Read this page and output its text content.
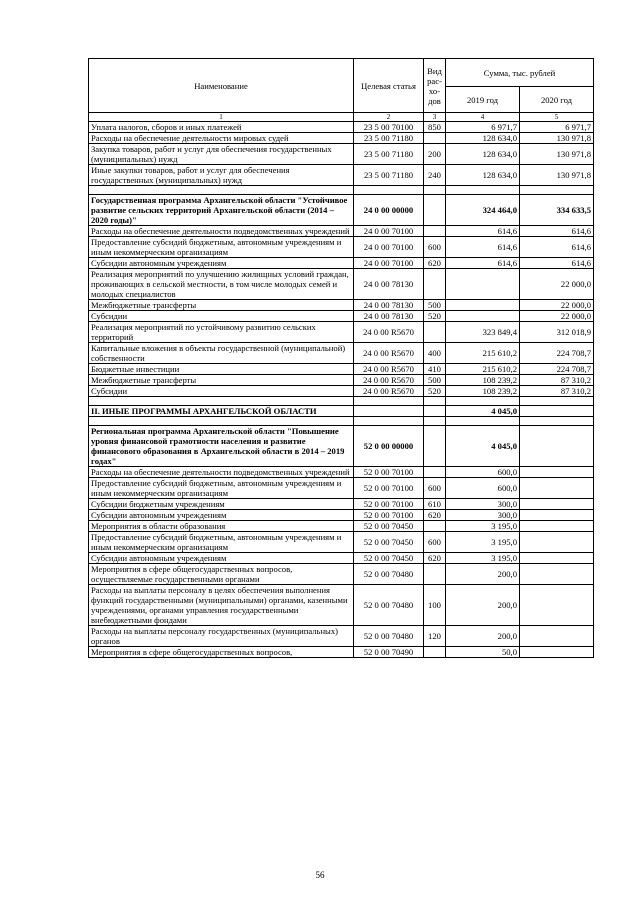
Наименование	Целевая статья	Вид
рас-
хо-
дов	Сумма, тыс. рублей	
			2019 год	2020 год
1	2	3	4	5
Уплата налогов, сборов и иных платежей	23 5 00 70100	850	6 971,7	6 971,7
Расходы на обеспечение деятельности мировых судей	23 5 00 71180		128 634,0	130 971,8
Закупка товаров, работ и услуг для обеспечения государственных (муниципальных) нужд	23 5 00 71180	200	128 634,0	130 971,8
Иные закупки товаров, работ и услуг для обеспечения государственных (муниципальных) нужд	23 5 00 71180	240	128 634,0	130 971,8

Государственная программа Архангельской области "Устойчивое развитие сельских территорий Архангельской области (2014 – 2020 годы)"	24 0 00 00000		324 464,0	334 633,5
Расходы на обеспечение деятельности подведомственных учреждений	24 0 00 70100		614,6	614,6
Предоставление субсидий бюджетным, автономным учреждениям и иным некоммерческим организациям	24 0 00 70100	600	614,6	614,6
Субсидии автономным учреждениям	24 0 00 70100	620	614,6	614,6
Реализация мероприятий по улучшению жилищных условий граждан, проживающих в сельской местности, в том числе молодых семей и молодых специалистов	24 0 00 78130			22 000,0
Межбюджетные трансферты	24 0 00 78130	500		22 000,0
Субсидии	24 0 00 78130	520		22 000,0
Реализация мероприятий по устойчивому развитию сельских территорий	24 0 00 R5670		323 849,4	312 018,9
Капитальные вложения в объекты государственной (муниципальной) собственности	24 0 00 R5670	400	215 610,2	224 708,7
Бюджетные инвестиции	24 0 00 R5670	410	215 610,2	224 708,7
Межбюджетные трансферты	24 0 00 R5670	500	108 239,2	87 310,2
Субсидии	24 0 00 R5670	520	108 239,2	87 310,2

II. ИНЫЕ ПРОГРАММЫ АРХАНГЕЛЬСКОЙ ОБЛАСТИ			4 045,0	

Региональная программа Архангельской области "Повышение уровня финансовой грамотности населения и развитие финансового образования в Архангельской области в 2014 – 2019 годах"	52 0 00 00000		4 045,0	
Расходы на обеспечение деятельности подведомственных учреждений	52 0 00 70100		600,0	
Предоставление субсидий бюджетным, автономным учреждениям и иным некоммерческим организациям	52 0 00 70100	600	600,0	
Субсидии бюджетным учреждениям	52 0 00 70100	610	300,0	
Субсидии автономным учреждениям	52 0 00 70100	620	300,0	
Мероприятия в области образования	52 0 00 70450		3 195,0	
Предоставление субсидий бюджетным, автономным учреждениям и иным некоммерческим организациям	52 0 00 70450	600	3 195,0	
Субсидии автономным учреждениям	52 0 00 70450	620	3 195,0	
Мероприятия в сфере общегосударственных вопросов, осуществляемые государственными органами	52 0 00 70480		200,0	
Расходы на выплаты персоналу в целях обеспечения выполнения функций государственными (муниципальными) органами, казенными учреждениями, органами управления государственными внебюджетными фондами	52 0 00 70480	100	200,0	
Расходы на выплаты персоналу государственных (муниципальных) органов	52 0 00 70480	120	200,0	
Мероприятия в сфере общегосударственных вопросов,	52 0 00 70490		50,0	
56
